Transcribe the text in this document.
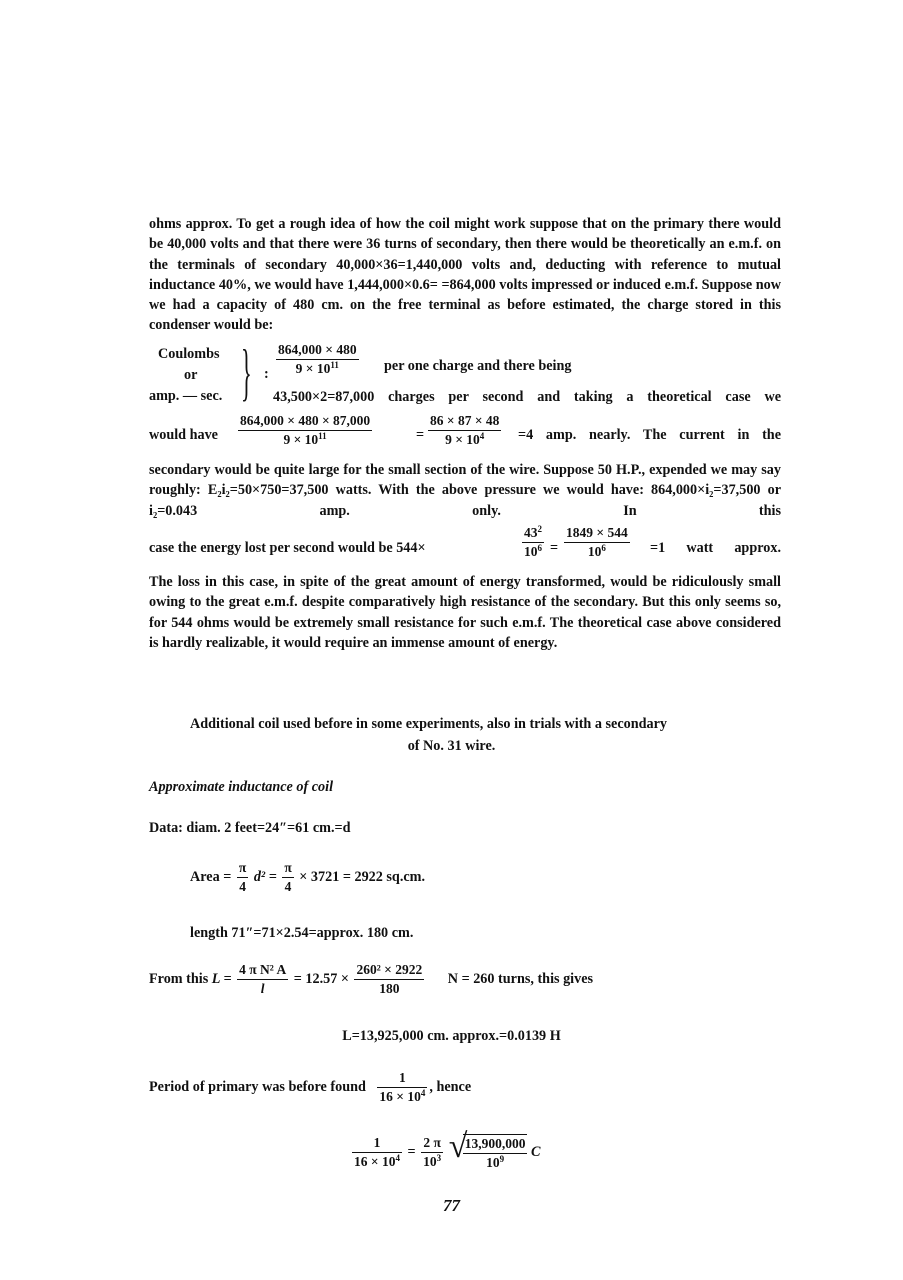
ohms approx. To get a rough idea of how the coil might work suppose that on the primary there would be 40,000 volts and that there were 36 turns of secondary, then there would be theoretically an e.m.f. on the terminals of secondary 40,000×36=1,440,000 volts and, deducting with reference to mutual inductance 40%, we would have 1,444,000×0.6= =864,000 volts impressed or induced e.m.f. Suppose now we had a capacity of 480 cm. on the free terminal as before estimated, the charge stored in this condenser would be:

Coulombs
or
amp. — sec. } : $\frac{864,000 \times 480}{9 \times 10^{11}}$ per one charge and there being
43,500×2=87,000 charges per second and taking a theoretical case we
would have $\frac{864,000 \times 480 \times 87,000}{9 \times 10^{11}}$	= $\frac{86 \times 87 \times 48}{9 \times 10^4} =4$ amp. nearly. The current in the

secondary would be quite large for the small section of the wire. Suppose 50 H.P., expended we may say roughly: E₂i₂=50×750=37,500 watts. With the above pressure we would have: 864,000×i₂=37,500 or i₂=0.043 amp. only. In this

case the energy lost per second would be 544×	$\frac{43^2}{10^6} = \frac{1849 \times 544}{10^6} =1$ watt approx.

The loss in this case, in spite of the great amount of energy transformed, would be ridiculously small owing to the great e.m.f. despite comparatively high resistance of the secondary. But this only seems so, for 544 ohms would be extremely small resistance for such e.m.f. The theoretical case above considered is hardly realizable, it would require an immense amount of energy.

Additional coil used before in some experiments, also in trials with a secondary
of No. 31 wire.
Approximate inductance of coil
Data: diam. 2 feet=24″=61 cm.=d
Area = $\frac{\pi}{4} d^2 = \frac{\pi}{4} \times 3721 = 2922$ sq.cm.
length 71″=71×2.54=approx. 180 cm.
From this $L = \frac{\text{4 π N² A}}{l} = 12.57 \times \frac{\text{260² × 2922}}{180}$ N = 260 turns, this gives
L=13,925,000 cm. approx.=0.0139 H
Period of primary was before found $\frac{1}{16 \times 10^4}$ , hence
$\frac{1}{16 \times 10^4} = \frac{2 \pi}{10^3}$
√
$\frac{13,900,000}{10^9}$ C
77
